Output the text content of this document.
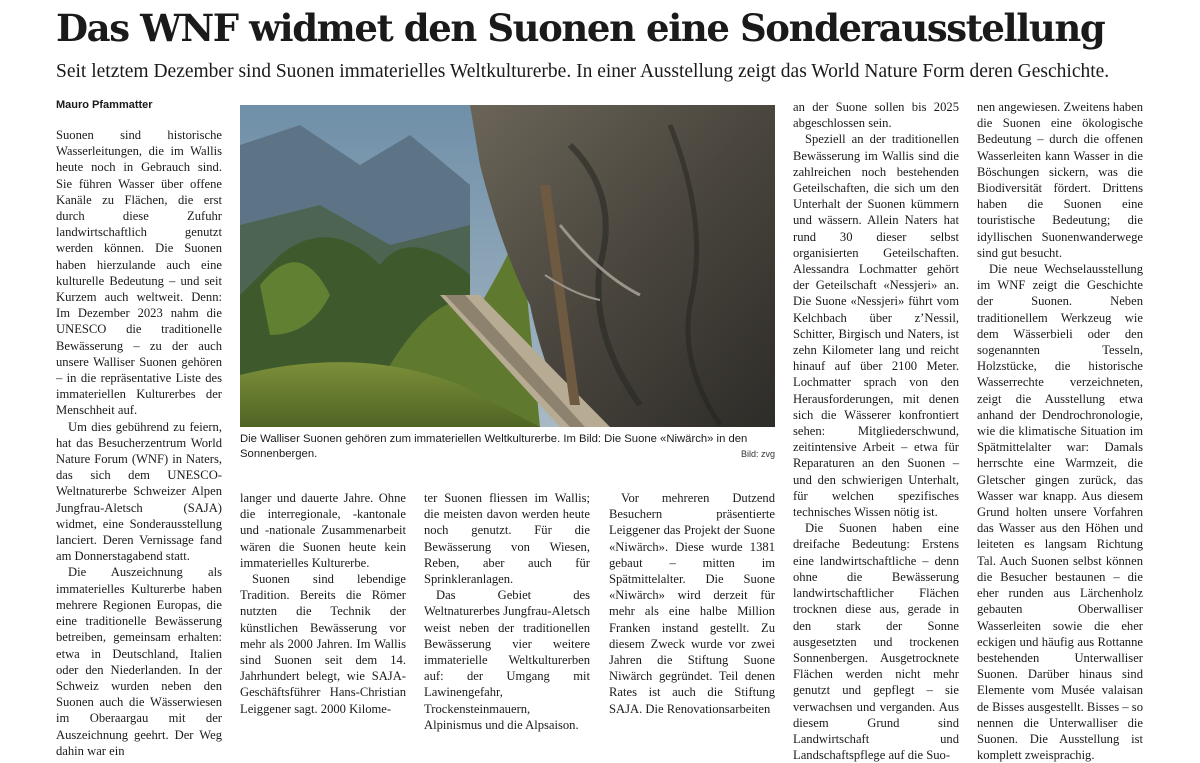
Das WNF widmet den Suonen eine Sonderausstellung

Seit letztem Dezember sind Suonen immaterielles Weltkulturerbe. In einer Ausstellung zeigt das World Nature Form deren Geschichte.

Mauro Pfammatter

Suonen sind historische Wasserleitungen, die im Wallis heute noch in Gebrauch sind. Sie führen Wasser über offene Kanäle zu Flächen, die erst durch diese Zufuhr landwirtschaftlich genutzt werden können. Die Suonen haben hierzulande auch eine kulturelle Bedeutung – und seit Kurzem auch weltweit. Denn: Im Dezember 2023 nahm die UNESCO die traditionelle Bewässerung – zu der auch unsere Walliser Suonen gehören – in die repräsentative Liste des immateriellen Kulturerbes der Menschheit auf.

Um dies gebührend zu feiern, hat das Besucherzentrum World Nature Forum (WNF) in Naters, das sich dem UNESCO-Weltnaturerbe Schweizer Alpen Jungfrau-Aletsch (SAJA) widmet, eine Sonderausstellung lanciert. Deren Vernissage fand am Donnerstagabend statt.

Die Auszeichnung als immaterielles Kulturerbe haben mehrere Regionen Europas, die eine traditionelle Bewässerung betreiben, gemeinsam erhalten: etwa in Deutschland, Italien oder den Niederlanden. In der Schweiz wurden neben den Suonen auch die Wässerwiesen im Oberaargau mit der Auszeichnung geehrt. Der Weg dahin war ein

Die Walliser Suonen gehören zum immateriellen Weltkulturerbe. Im Bild: Die Suone «Niwärch» in den Sonnenbergen.	Bild: zvg

langer und dauerte Jahre. Ohne die interregionale, -kantonale und -nationale Zusammenarbeit wären die Suonen heute kein immaterielles Kulturerbe.

Suonen sind lebendige Tradition. Bereits die Römer nutzten die Technik der künstlichen Bewässerung vor mehr als 2000 Jahren. Im Wallis sind Suonen seit dem 14. Jahrhundert belegt, wie SAJA-Geschäftsführer Hans-Christian Leiggener sagt. 2000 Kilome-

ter Suonen fliessen im Wallis; die meisten davon werden heute noch genutzt. Für die Bewässerung von Wiesen, Reben, aber auch für Sprinkleranlagen.

Das Gebiet des Weltnaturerbes Jungfrau-Aletsch weist neben der traditionellen Bewässerung vier weitere immaterielle Weltkulturerben auf: der Umgang mit Lawinengefahr, Trockensteinmauern, Alpinismus und die Alpsaison.

Vor mehreren Dutzend Besuchern präsentierte Leiggener das Projekt der Suone «Niwärch». Diese wurde 1381 gebaut – mitten im Spätmittelalter. Die Suone «Niwärch» wird derzeit für mehr als eine halbe Million Franken instand gestellt. Zu diesem Zweck wurde vor zwei Jahren die Stiftung Suone Niwärch gegründet. Teil denen Rates ist auch die Stiftung SAJA. Die Renovationsarbeiten

an der Suone sollen bis 2025 abgeschlossen sein.

Speziell an der traditionellen Bewässerung im Wallis sind die zahlreichen noch bestehenden Geteilschaften, die sich um den Unterhalt der Suonen kümmern und wässern. Allein Naters hat rund 30 dieser selbst organisierten Geteilschaften. Alessandra Lochmatter gehört der Geteilschaft «Nessjeri» an. Die Suone «Nessjeri» führt vom Kelchbach über z’Nessil, Schitter, Birgisch und Naters, ist zehn Kilometer lang und reicht hinauf auf über 2100 Meter. Lochmatter sprach von den Herausforderungen, mit denen sich die Wässerer konfrontiert sehen: Mitgliederschwund, zeitintensive Arbeit – etwa für Reparaturen an den Suonen – und den schwierigen Unterhalt, für welchen spezifisches technisches Wissen nötig ist.

Die Suonen haben eine dreifache Bedeutung: Erstens eine landwirtschaftliche – denn ohne die Bewässerung landwirtschaftlicher Flächen trocknen diese aus, gerade in den stark der Sonne ausgesetzten und trockenen Sonnenbergen. Ausgetrocknete Flächen werden nicht mehr genutzt und gepflegt – sie verwachsen und verganden. Aus diesem Grund sind Landwirtschaft und Landschaftspflege auf die Suo-

nen angewiesen. Zweitens haben die Suonen eine ökologische Bedeutung – durch die offenen Wasserleiten kann Wasser in die Böschungen sickern, was die Biodiversität fördert. Drittens haben die Suonen eine touristische Bedeutung; die idyllischen Suonenwanderwege sind gut besucht.

Die neue Wechselausstellung im WNF zeigt die Geschichte der Suonen. Neben traditionellem Werkzeug wie dem Wässerbieli oder den sogenannten Tesseln, Holzstücke, die historische Wasserrechte verzeichneten, zeigt die Ausstellung etwa anhand der Dendrochronologie, wie die klimatische Situation im Spätmittelalter war: Damals herrschte eine Warmzeit, die Gletscher gingen zurück, das Wasser war knapp. Aus diesem Grund holten unsere Vorfahren das Wasser aus den Höhen und leiteten es langsam Richtung Tal. Auch Suonen selbst können die Besucher bestaunen – die eher runden aus Lärchenholz gebauten Oberwalliser Wasserleiten sowie die eher eckigen und häufig aus Rottanne bestehenden Unterwalliser Suonen. Darüber hinaus sind Elemente vom Musée valaisan de Bisses ausgestellt. Bisses – so nennen die Unterwalliser die Suonen. Die Ausstellung ist komplett zweisprachig.
